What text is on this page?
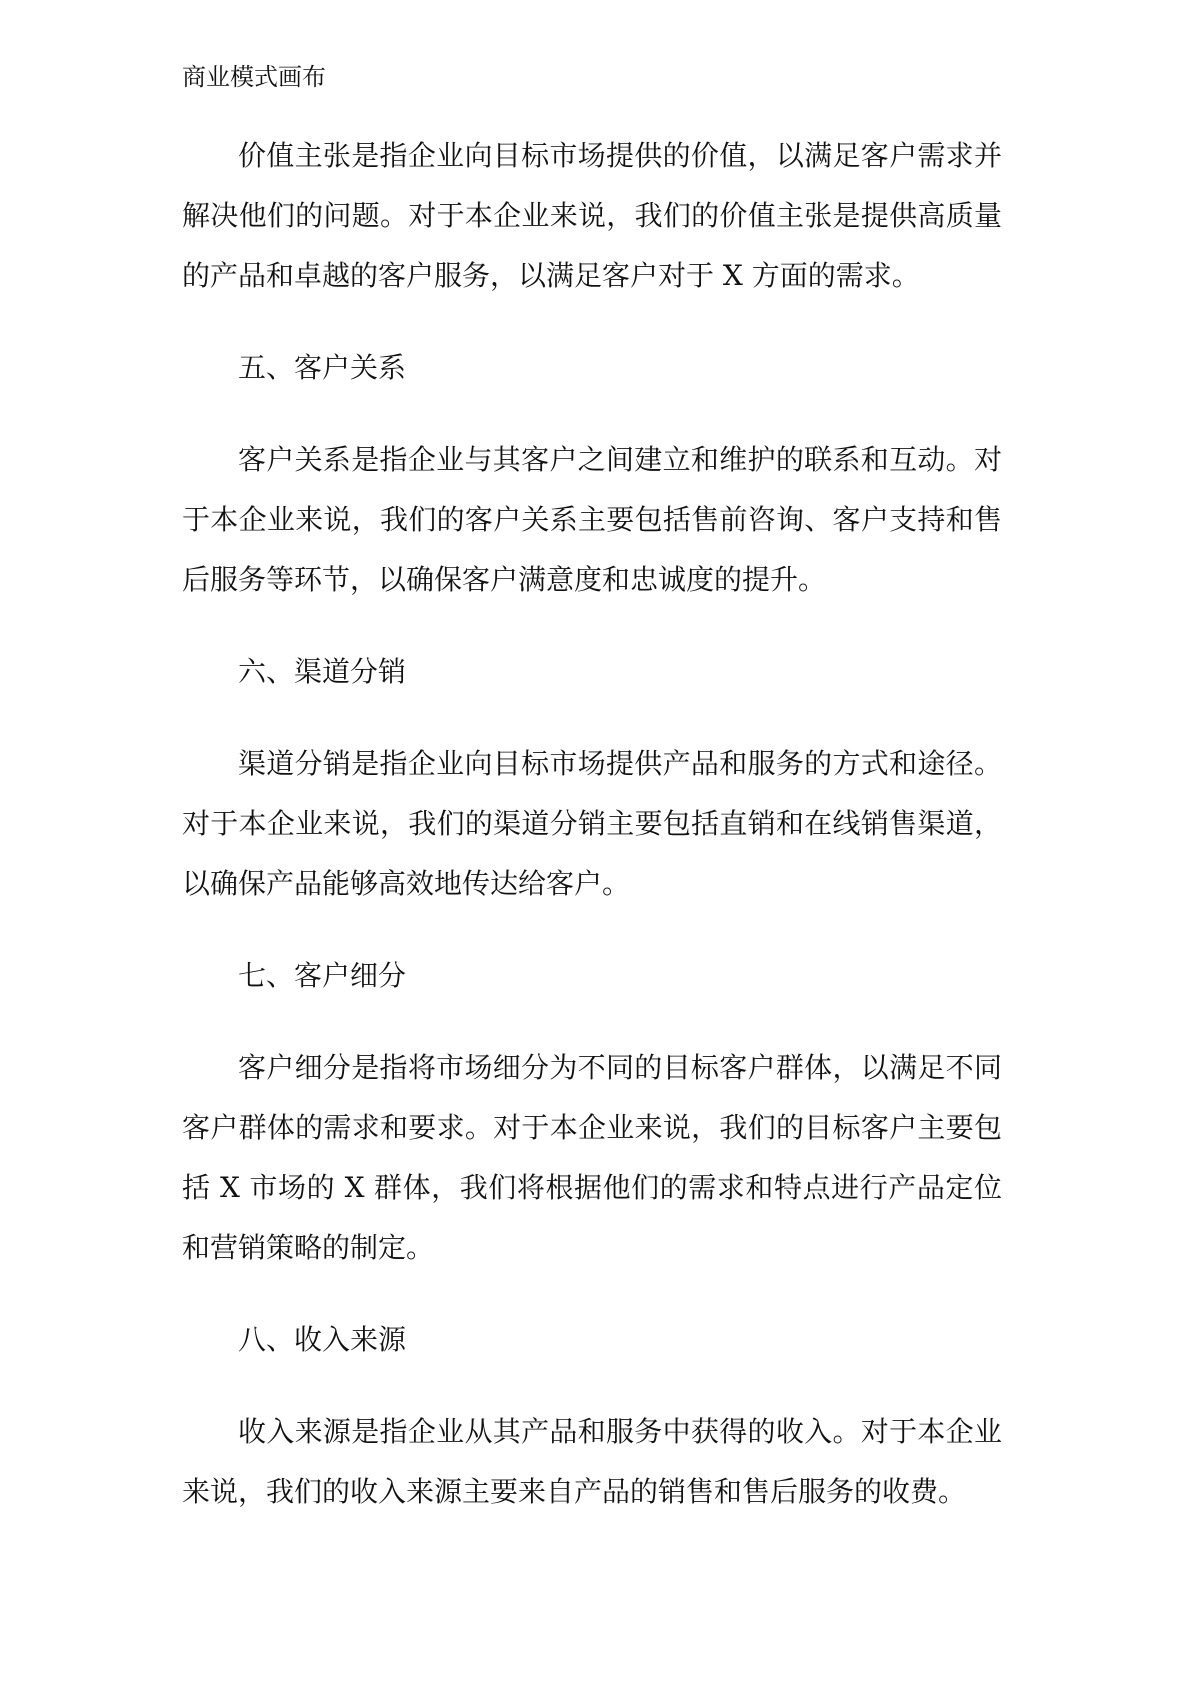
商业模式画布

价值主张是指企业向目标市场提供的价值，以满足客户需求并解决他们的问题。对于本企业来说，我们的价值主张是提供高质量的产品和卓越的客户服务，以满足客户对于 X 方面的需求。

五、客户关系

客户关系是指企业与其客户之间建立和维护的联系和互动。对于本企业来说，我们的客户关系主要包括售前咨询、客户支持和售后服务等环节，以确保客户满意度和忠诚度的提升。

六、渠道分销

渠道分销是指企业向目标市场提供产品和服务的方式和途径。对于本企业来说，我们的渠道分销主要包括直销和在线销售渠道，以确保产品能够高效地传达给客户。

七、客户细分

客户细分是指将市场细分为不同的目标客户群体，以满足不同客户群体的需求和要求。对于本企业来说，我们的目标客户主要包括 X 市场的 X 群体，我们将根据他们的需求和特点进行产品定位和营销策略的制定。

八、收入来源

收入来源是指企业从其产品和服务中获得的收入。对于本企业来说，我们的收入来源主要来自产品的销售和售后服务的收费。
